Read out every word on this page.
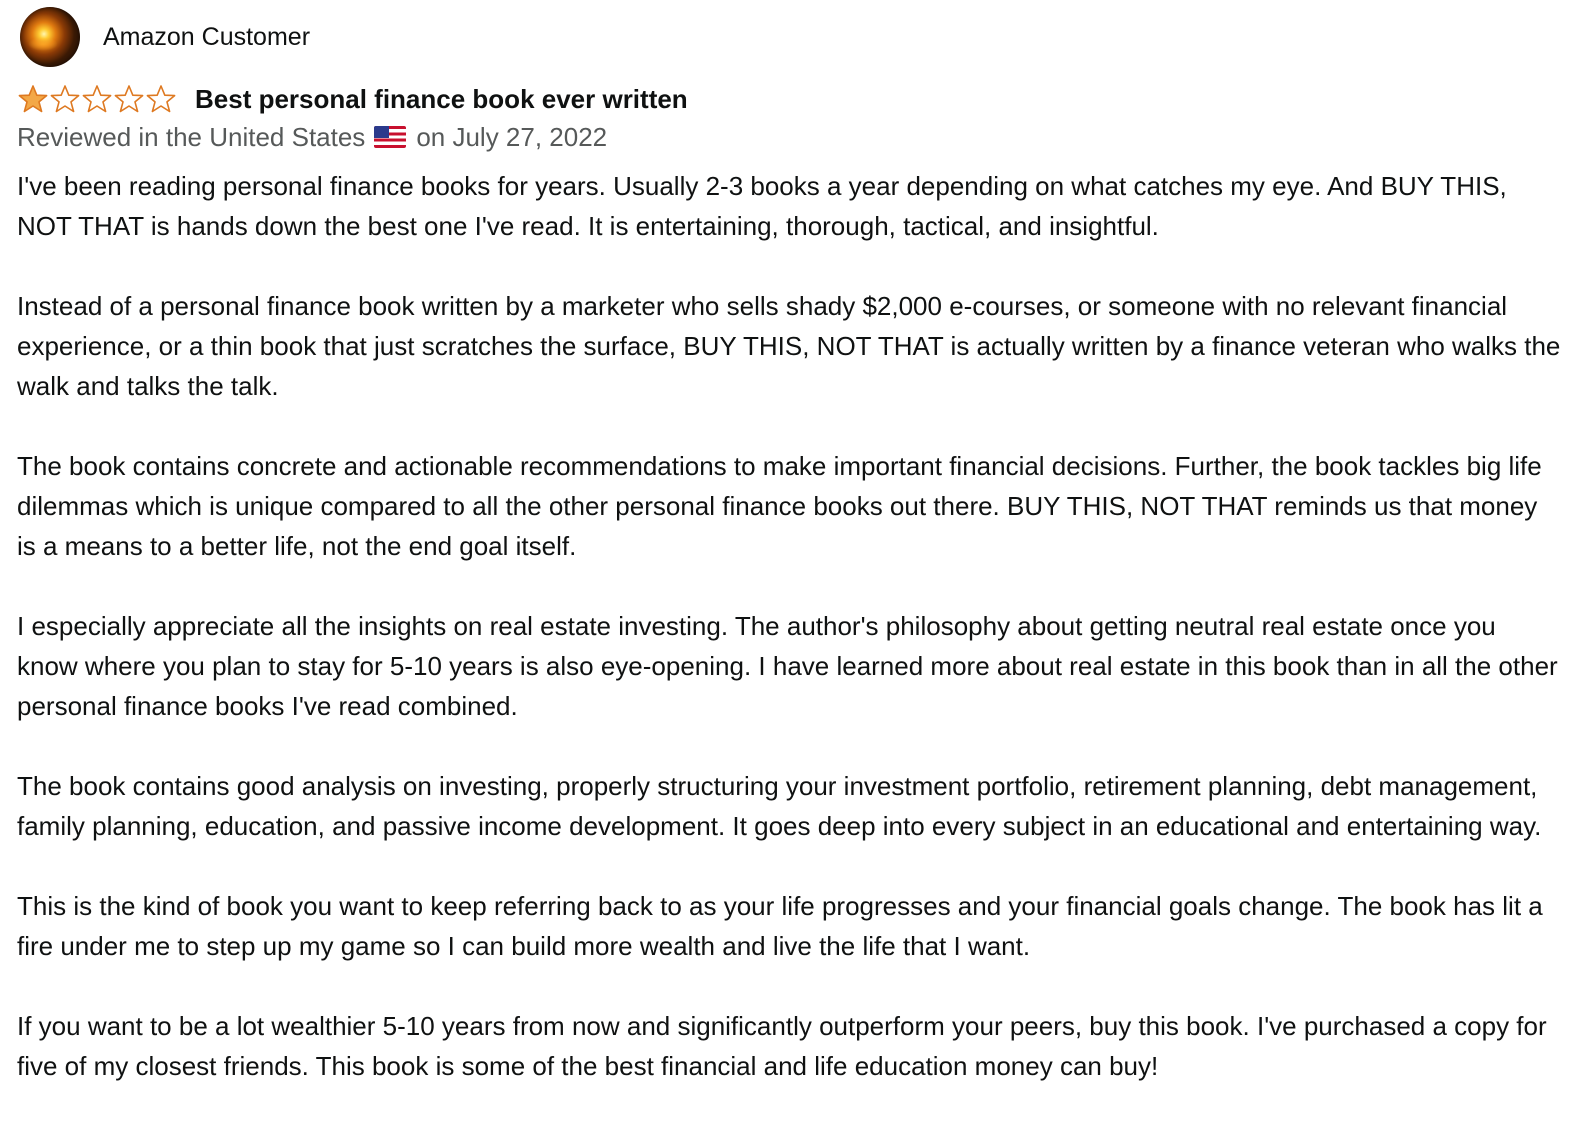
Amazon Customer
Best personal finance book ever written
Reviewed in the United States on July 27, 2022

I've been reading personal finance books for years. Usually 2-3 books a year depending on what catches my eye. And BUY THIS, NOT THAT is hands down the best one I've read. It is entertaining, thorough, tactical, and insightful.

Instead of a personal finance book written by a marketer who sells shady $2,000 e-courses, or someone with no relevant financial experience, or a thin book that just scratches the surface, BUY THIS, NOT THAT is actually written by a finance veteran who walks the walk and talks the talk.

The book contains concrete and actionable recommendations to make important financial decisions. Further, the book tackles big life dilemmas which is unique compared to all the other personal finance books out there. BUY THIS, NOT THAT reminds us that money is a means to a better life, not the end goal itself.

I especially appreciate all the insights on real estate investing. The author's philosophy about getting neutral real estate once you know where you plan to stay for 5-10 years is also eye-opening. I have learned more about real estate in this book than in all the other personal finance books I've read combined.

The book contains good analysis on investing, properly structuring your investment portfolio, retirement planning, debt management, family planning, education, and passive income development. It goes deep into every subject in an educational and entertaining way.

This is the kind of book you want to keep referring back to as your life progresses and your financial goals change. The book has lit a fire under me to step up my game so I can build more wealth and live the life that I want.

If you want to be a lot wealthier 5-10 years from now and significantly outperform your peers, buy this book. I've purchased a copy for five of my closest friends. This book is some of the best financial and life education money can buy!
